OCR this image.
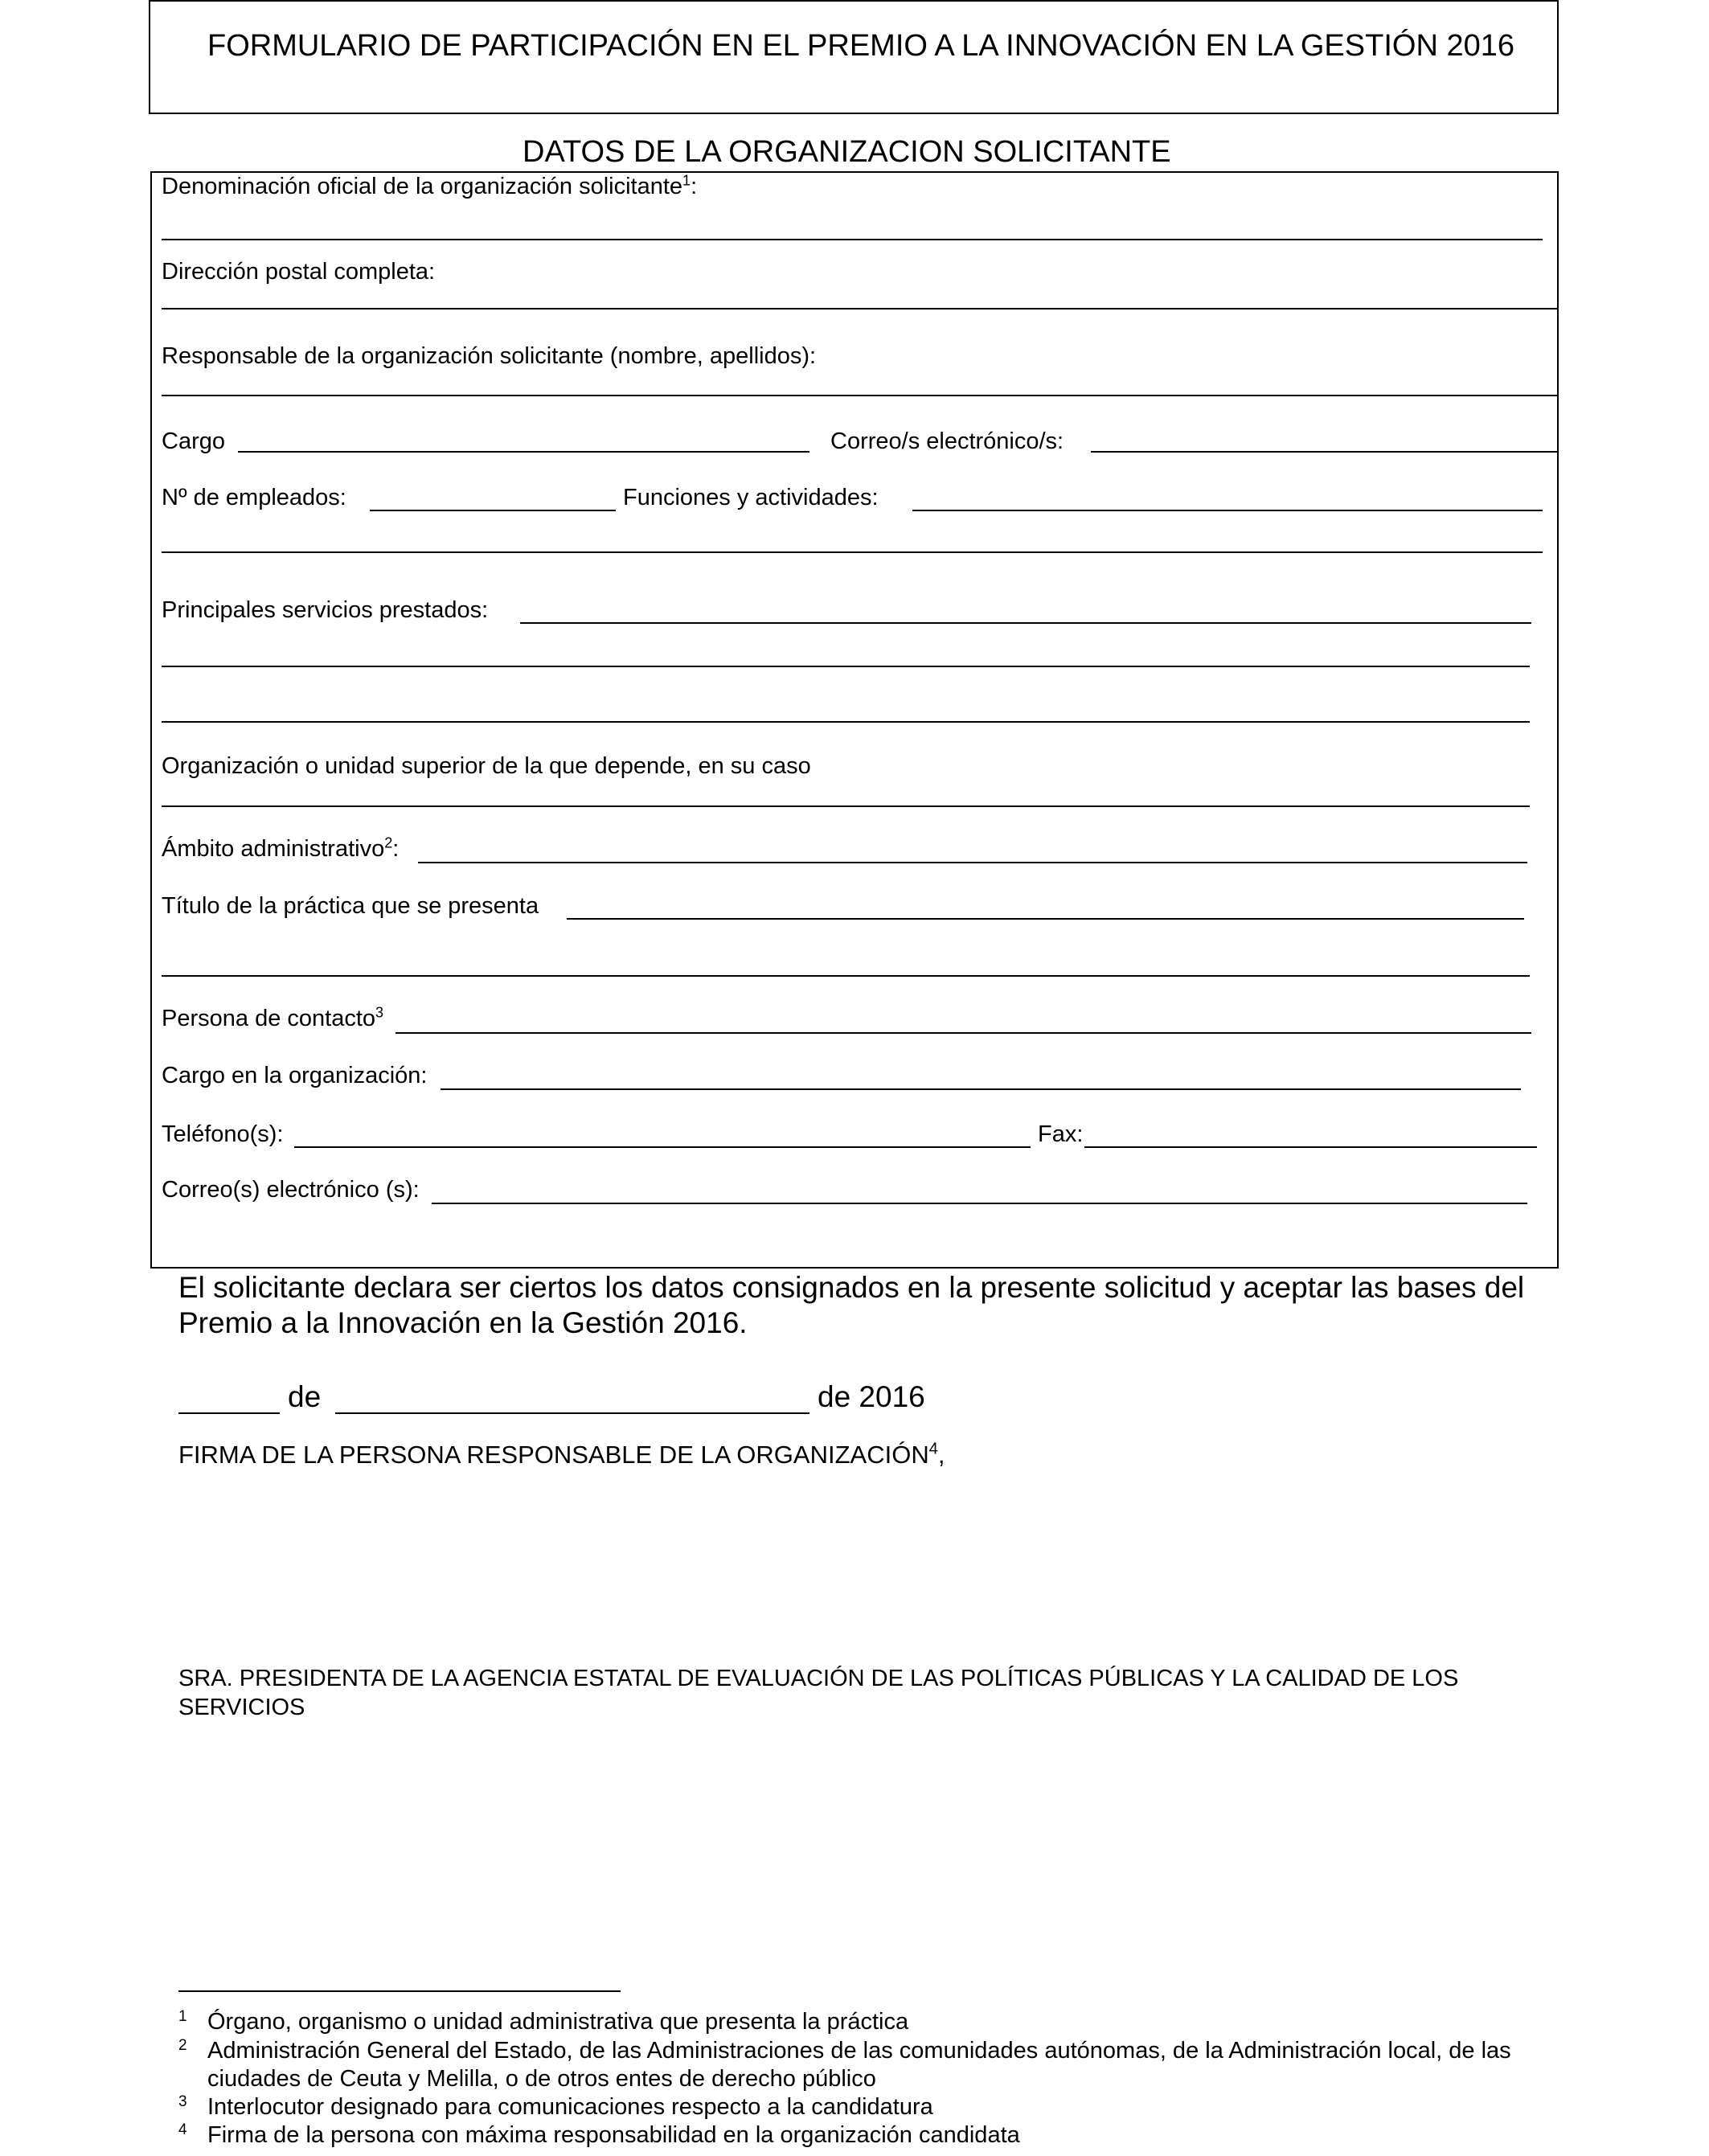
FORMULARIO DE PARTICIPACIÓN EN EL PREMIO A LA INNOVACIÓN EN LA GESTIÓN 2016
DATOS DE LA ORGANIZACION SOLICITANTE
Denominación oficial de la organización solicitante$^1$:
Dirección postal completa:
Responsable de la organización solicitante (nombre, apellidos):
Cargo	Correo/s electrónico/s:
Nº de empleados:	Funciones y actividades:
Principales servicios prestados:
Organización o unidad superior de la que depende, en su caso
Ámbito administrativo$^2$:
Título de la práctica que se presenta
Persona de contacto$^3$
Cargo en la organización:
Teléfono(s):	Fax:
Correo(s) electrónico (s):
El solicitante declara ser ciertos los datos consignados en la presente solicitud y aceptar las bases del Premio a la Innovación en la Gestión 2016.
de	de 2016
FIRMA DE LA PERSONA RESPONSABLE DE LA ORGANIZACIÓN$^4$,
SRA. PRESIDENTA DE LA AGENCIA ESTATAL DE EVALUACIÓN DE LAS POLÍTICAS PÚBLICAS Y LA CALIDAD DE LOS SERVICIOS
1 Órgano, organismo o unidad administrativa que presenta la práctica
2 Administración General del Estado, de las Administraciones de las comunidades autónomas, de la Administración local, de las ciudades de Ceuta y Melilla, o de otros entes de derecho público
3 Interlocutor designado para comunicaciones respecto a la candidatura
4 Firma de la persona con máxima responsabilidad en la organización candidata
